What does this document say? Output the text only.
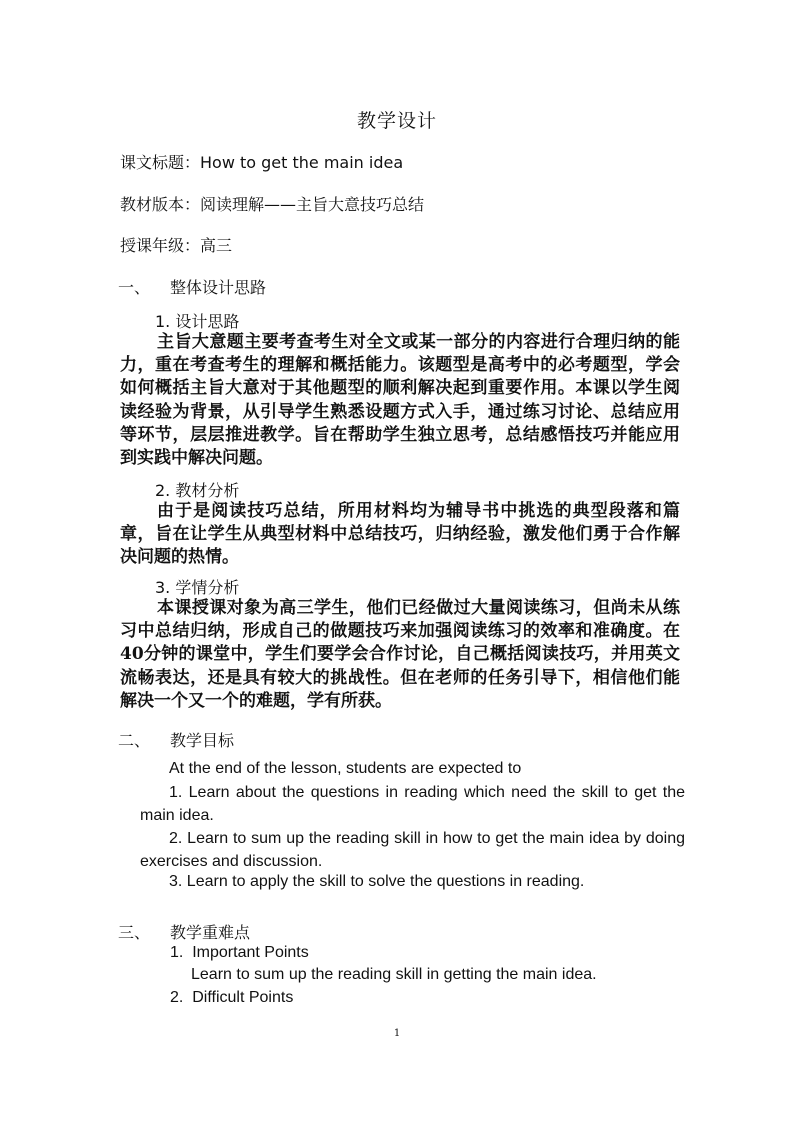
教学设计

课文标题：How to get the main idea

教材版本：阅读理解——主旨大意技巧总结

授课年级：高三

一、 整体设计思路

1. 设计思路

主旨大意题主要考查考生对全文或某一部分的内容进行合理归纳的能力，重在考查考生的理解和概括能力。该题型是高考中的必考题型，学会如何概括主旨大意对于其他题型的顺利解决起到重要作用。本课以学生阅读经验为背景，从引导学生熟悉设题方式入手，通过练习讨论、总结应用等环节，层层推进教学。旨在帮助学生独立思考，总结感悟技巧并能应用到实践中解决问题。

2. 教材分析

由于是阅读技巧总结，所用材料均为辅导书中挑选的典型段落和篇章，旨在让学生从典型材料中总结技巧，归纳经验，激发他们勇于合作解决问题的热情。

3. 学情分析

本课授课对象为高三学生，他们已经做过大量阅读练习，但尚未从练习中总结归纳，形成自己的做题技巧来加强阅读练习的效率和准确度。在40分钟的课堂中，学生们要学会合作讨论，自己概括阅读技巧，并用英文流畅表达，还是具有较大的挑战性。但在老师的任务引导下，相信他们能解决一个又一个的难题，学有所获。

二、 教学目标

At the end of the lesson, students are expected to

1. Learn about the questions in reading which need the skill to get the main idea.

2. Learn to sum up the reading skill in how to get the main idea by doing exercises and discussion.

3. Learn to apply the skill to solve the questions in reading.

三、 教学重难点

1.  Important Points

Learn to sum up the reading skill in getting the main idea.

2.  Difficult Points

1
